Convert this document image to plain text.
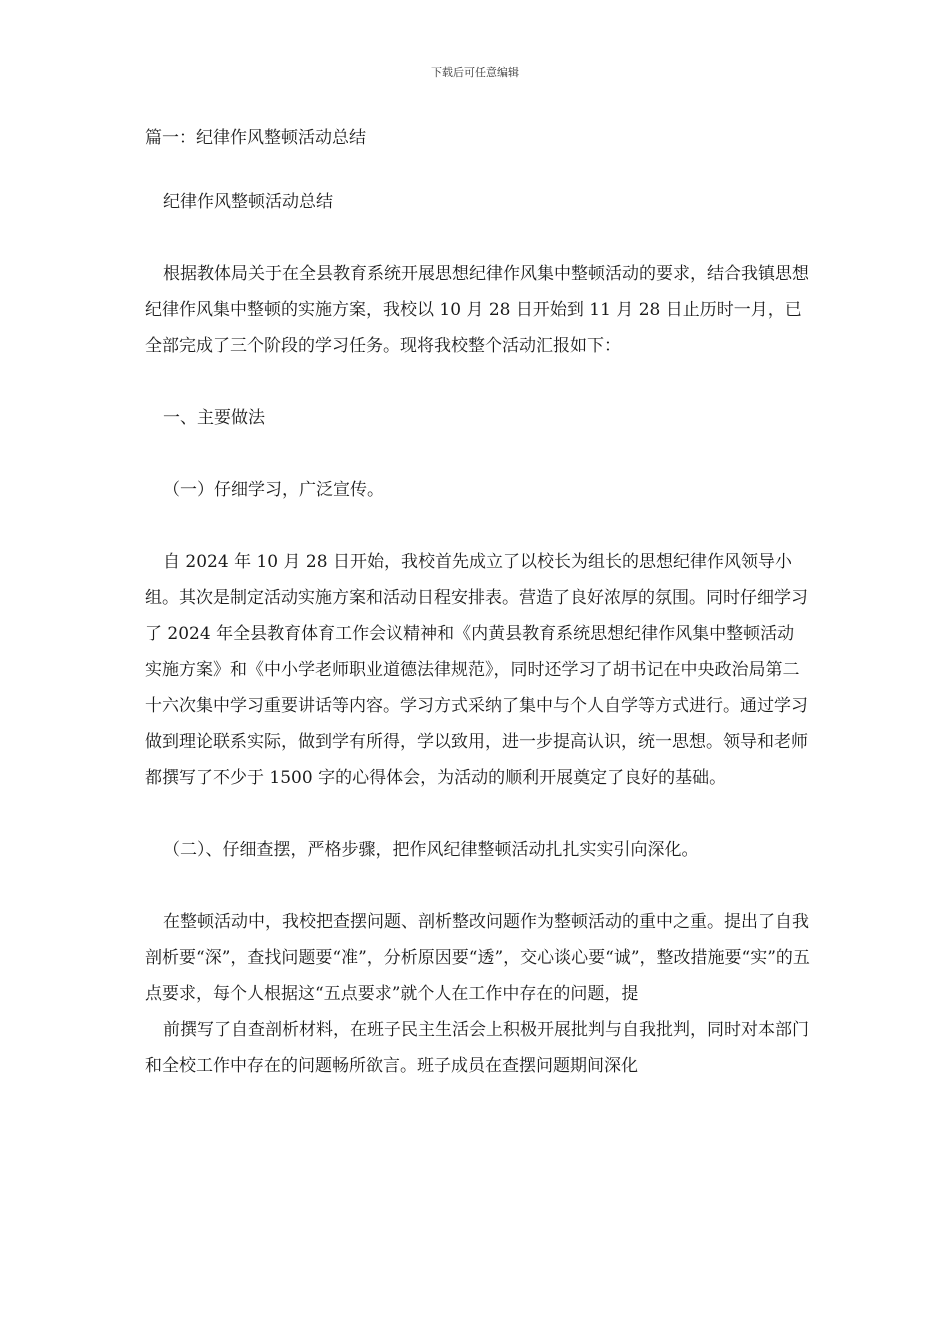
下载后可任意编辑

篇一：纪律作风整顿活动总结

纪律作风整顿活动总结

根据教体局关于在全县教育系统开展思想纪律作风集中整顿活动的要求，结合我镇思想纪律作风集中整顿的实施方案，我校以 10 月 28 日开始到 11 月 28 日止历时一月，已全部完成了三个阶段的学习任务。现将我校整个活动汇报如下：

一、主要做法

（一）仔细学习，广泛宣传。

自 2024 年 10 月 28 日开始，我校首先成立了以校长为组长的思想纪律作风领导小组。其次是制定活动实施方案和活动日程安排表。营造了良好浓厚的氛围。同时仔细学习了 2024 年全县教育体育工作会议精神和《内黄县教育系统思想纪律作风集中整顿活动实施方案》和《中小学老师职业道德法律规范》，同时还学习了胡书记在中央政治局第二十六次集中学习重要讲话等内容。学习方式采纳了集中与个人自学等方式进行。通过学习做到理论联系实际，做到学有所得，学以致用，进一步提高认识，统一思想。领导和老师都撰写了不少于 1500 字的心得体会，为活动的顺利开展奠定了良好的基础。

（二）、仔细查摆，严格步骤，把作风纪律整顿活动扎扎实实引向深化。

在整顿活动中，我校把查摆问题、剖析整改问题作为整顿活动的重中之重。提出了自我剖析要“深”，查找问题要“准”，分析原因要“透”，交心谈心要“诚”，整改措施要“实”的五点要求，每个人根据这“五点要求”就个人在工作中存在的问题，提

前撰写了自查剖析材料，在班子民主生活会上积极开展批判与自我批判，同时对本部门和全校工作中存在的问题畅所欲言。班子成员在查摆问题期间深化
